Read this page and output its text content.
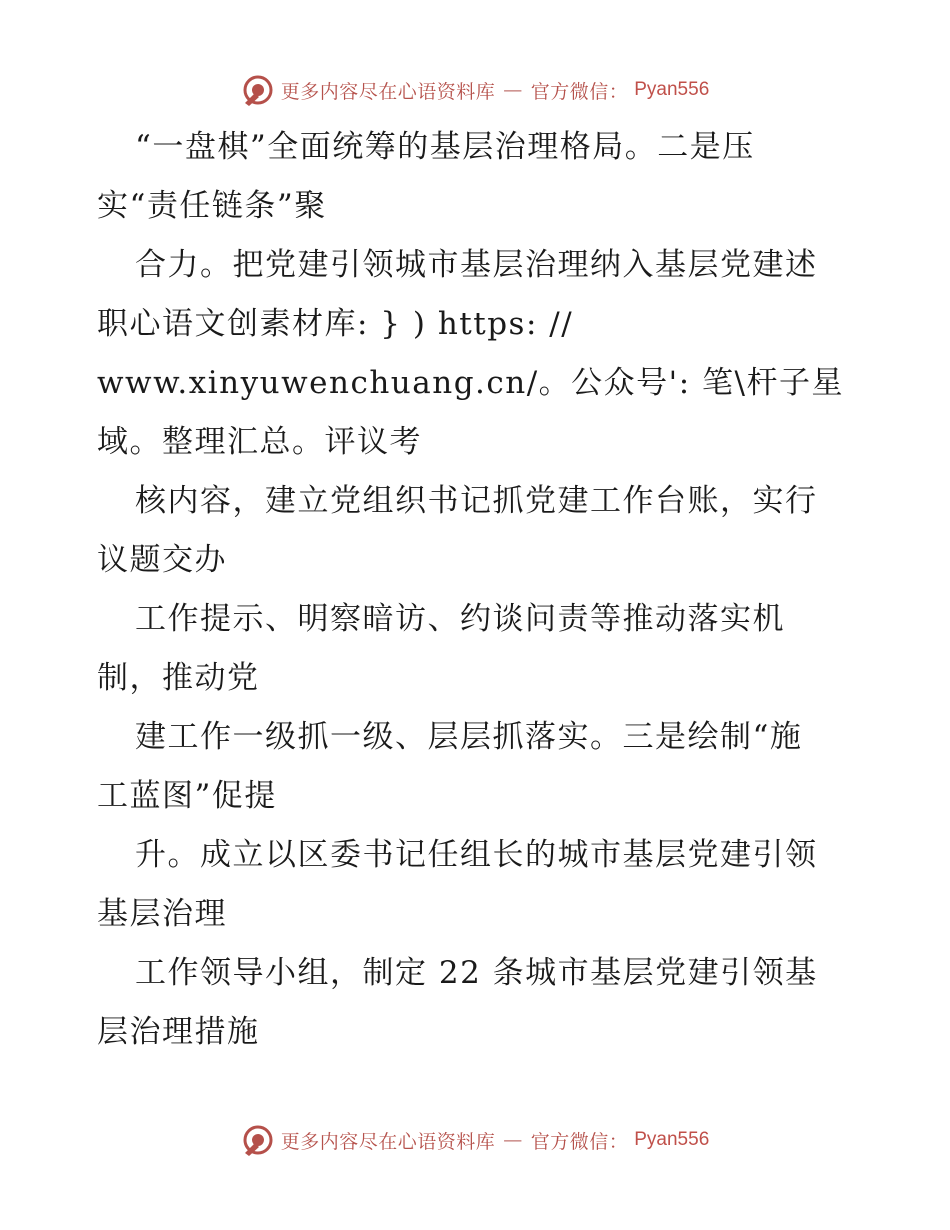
更多内容尽在心语资料库 — 官方微信： Pyan556
“一盘棋”全面统筹的基层治理格局。二是压
实“责任链条”聚
合力。把党建引领城市基层治理纳入基层党建述
职心语文创素材库: } ) https: //
www.xinyuwenchuang.cn/。公众号': 笔\杆子星
域。整理汇总。评议考
核内容，建立党组织书记抓党建工作台账，实行
议题交办
工作提示、明察暗访、约谈问责等推动落实机
制，推动党
建工作一级抓一级、层层抓落实。三是绘制“施
工蓝图”促提
升。成立以区委书记任组长的城市基层党建引领
基层治理
工作领导小组，制定 22 条城市基层党建引领基
层治理措施
更多内容尽在心语资料库 — 官方微信： Pyan556
